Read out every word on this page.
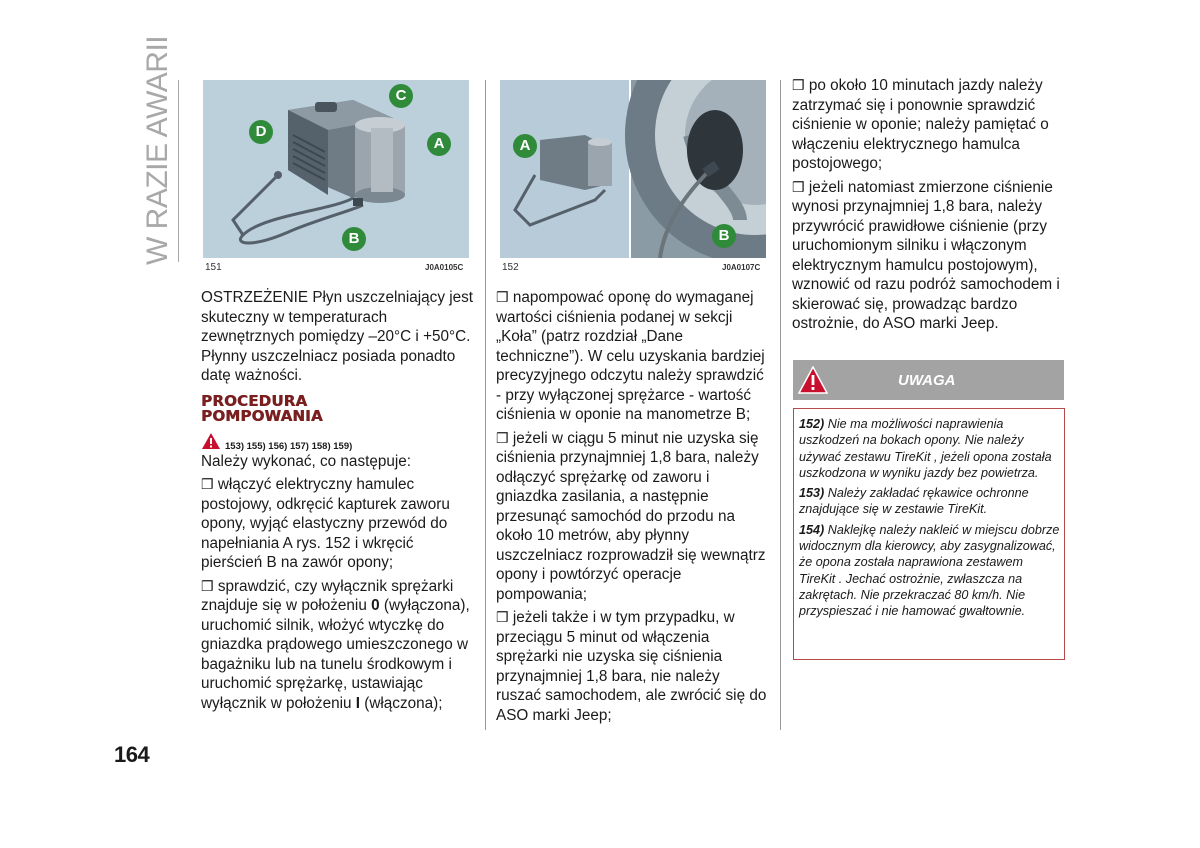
W RAZIE AWARII	C
D
A
B
151	J0A0105C
A
B
152	J0A0107C

OSTRZEŻENIE Płyn uszczelniający jest skuteczny w temperaturach zewnętrznych pomiędzy –20°C i +50°C. Płynny uszczelniacz posiada ponadto datę ważności.

PROCEDURA
POMPOWANIA
153) 155) 156) 157) 158) 159)

Należy wykonać, co następuje:

❒ włączyć elektryczny hamulec postojowy, odkręcić kapturek zaworu opony, wyjąć elastyczny przewód do napełniania A rys. 152 i wkręcić pierścień B na zawór opony;

❒ sprawdzić, czy wyłącznik sprężarki znajduje się w położeniu 0 (wyłączona), uruchomić silnik, włożyć wtyczkę do gniazdka prądowego umieszczonego w bagażniku lub na tunelu środkowym i uruchomić sprężarkę, ustawiając wyłącznik w położeniu I (włączona);

❒ napompować oponę do wymaganej wartości ciśnienia podanej w sekcji „Koła” (patrz rozdział „Dane techniczne”). W celu uzyskania bardziej precyzyjnego odczytu należy sprawdzić - przy wyłączonej sprężarce - wartość ciśnienia w oponie na manometrze B;

❒ jeżeli w ciągu 5 minut nie uzyska się ciśnienia przynajmniej 1,8 bara, należy odłączyć sprężarkę od zaworu i gniazdka zasilania, a następnie przesunąć samochód do przodu na około 10 metrów, aby płynny uszczelniacz rozprowadził się wewnątrz opony i powtórzyć operacje pompowania;

❒ jeżeli także i w tym przypadku, w przeciągu 5 minut od włączenia sprężarki nie uzyska się ciśnienia przynajmniej 1,8 bara, nie należy ruszać samochodem, ale zwrócić się do ASO marki Jeep;

❒ po około 10 minutach jazdy należy zatrzymać się i ponownie sprawdzić ciśnienie w oponie; należy pamiętać o włączeniu elektrycznego hamulca postojowego;

❒ jeżeli natomiast zmierzone ciśnienie wynosi przynajmniej 1,8 bara, należy przywrócić prawidłowe ciśnienie (przy uruchomionym silniku i włączonym elektrycznym hamulcu postojowym), wznowić od razu podróż samochodem i skierować się, prowadząc bardzo ostrożnie, do ASO marki Jeep.

UWAGA

152) Nie ma możliwości naprawienia uszkodzeń na bokach opony. Nie należy używać zestawu TireKit , jeżeli opona została uszkodzona w wyniku jazdy bez powietrza.

153) Należy zakładać rękawice ochronne znajdujące się w zestawie TireKit.

154) Naklejkę należy nakleić w miejscu dobrze widocznym dla kierowcy, aby zasygnalizować, że opona została naprawiona zestawem TireKit . Jechać ostrożnie, zwłaszcza na zakrętach. Nie przekraczać 80 km/h. Nie przyspieszać i nie hamować gwałtownie.

164
